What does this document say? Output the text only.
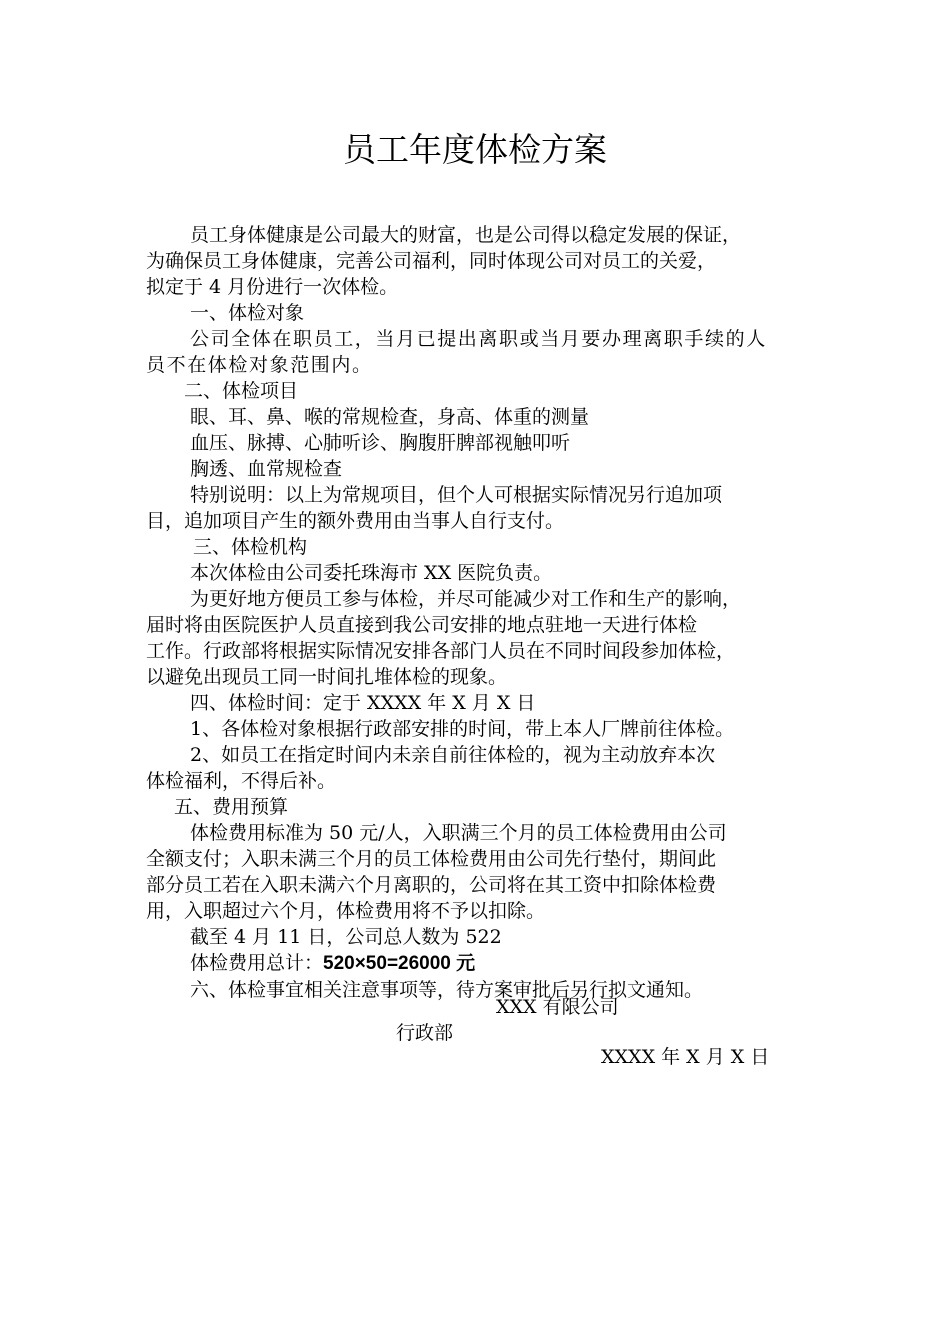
员工年度体检方案

员工身体健康是公司最大的财富，也是公司得以稳定发展的保证，

为确保员工身体健康，完善公司福利，同时体现公司对员工的关爱，

拟定于 4 月份进行一次体检。

一、体检对象

公司全体在职员工，当月已提出离职或当月要办理离职手续的人

员不在体检对象范围内。

二、体检项目

眼、耳、鼻、喉的常规检查，身高、体重的测量

血压、脉搏、心肺听诊、胸腹肝脾部视触叩听

胸透、血常规检查

特别说明：以上为常规项目，但个人可根据实际情况另行追加项

目，追加项目产生的额外费用由当事人自行支付。

三、体检机构

本次体检由公司委托珠海市 XX 医院负责。

为更好地方便员工参与体检，并尽可能减少对工作和生产的影响，

届时将由医院医护人员直接到我公司安排的地点驻地一天进行体检

工作。行政部将根据实际情况安排各部门人员在不同时间段参加体检，

以避免出现员工同一时间扎堆体检的现象。

四、体检时间：定于 XXXX 年 X 月 X 日

1、各体检对象根据行政部安排的时间，带上本人厂牌前往体检。

2、如员工在指定时间内未亲自前往体检的，视为主动放弃本次

体检福利，不得后补。

五、费用预算

体检费用标准为 50 元/人，入职满三个月的员工体检费用由公司

全额支付；入职未满三个月的员工体检费用由公司先行垫付，期间此

部分员工若在入职未满六个月离职的，公司将在其工资中扣除体检费

用，入职超过六个月，体检费用将不予以扣除。

截至 4 月 11 日，公司总人数为 522

体检费用总计：520×50=26000 元

六、体检事宜相关注意事项等，待方案审批后另行拟文通知。

XXX 有限公司
行政部
XXXX 年 X 月 X 日
